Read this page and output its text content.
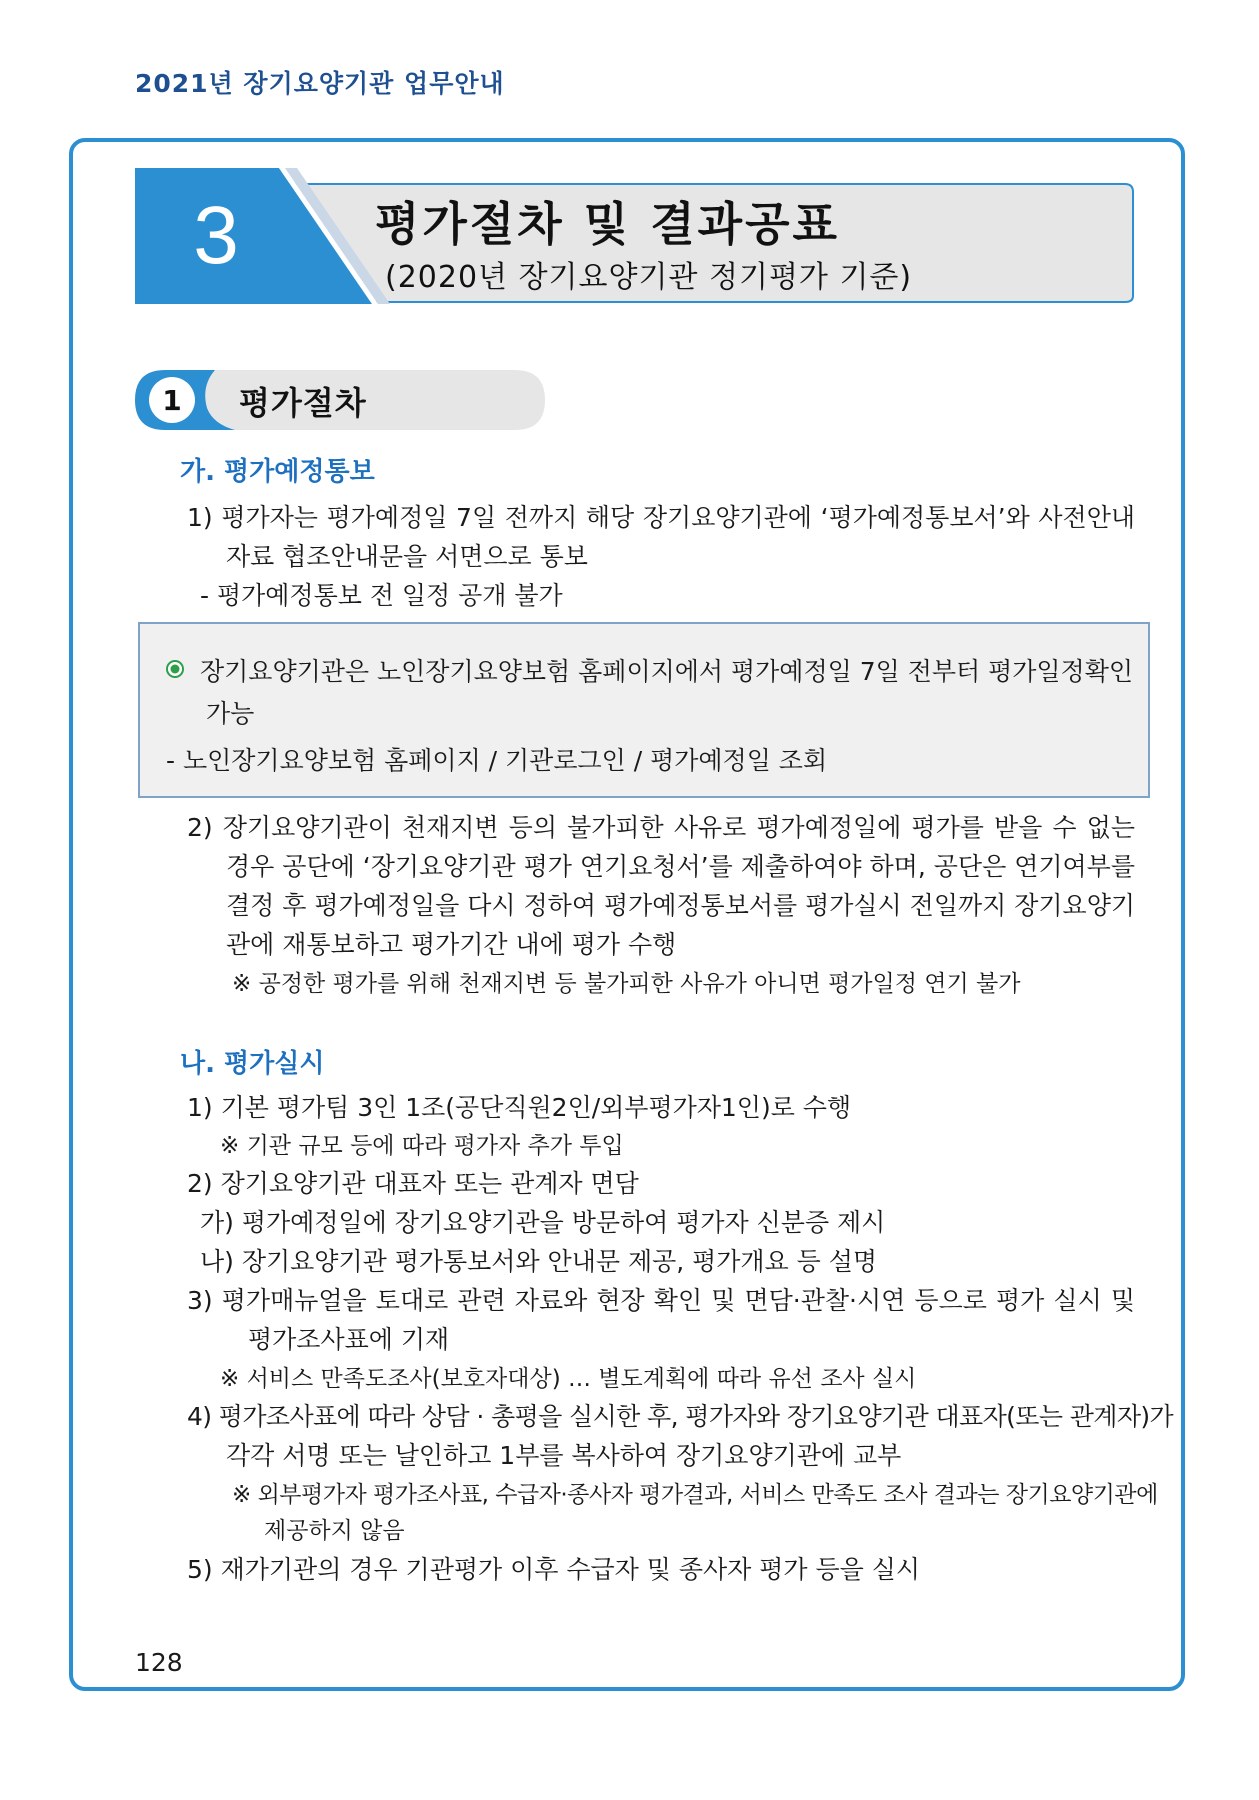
2021년 장기요양기관 업무안내
3	평가절차 및 결과공표
(2020년 장기요양기관 정기평가 기준)
1	평가절차
가. 평가예정통보
1) 평가자는 평가예정일 7일 전까지 해당 장기요양기관에 ‘평가예정통보서’와 사전안내
자료 협조안내문을 서면으로 통보
- 평가예정통보 전 일정 공개 불가
장기요양기관은 노인장기요양보험 홈페이지에서 평가예정일 7일 전부터 평가일정확인
가능
- 노인장기요양보험 홈페이지 / 기관로그인 / 평가예정일 조회
2) 장기요양기관이 천재지변 등의 불가피한 사유로 평가예정일에 평가를 받을 수 없는
경우 공단에 ‘장기요양기관 평가 연기요청서’를 제출하여야 하며, 공단은 연기여부를
결정 후 평가예정일을 다시 정하여 평가예정통보서를 평가실시 전일까지 장기요양기
관에 재통보하고 평가기간 내에 평가 수행
※ 공정한 평가를 위해 천재지변 등 불가피한 사유가 아니면 평가일정 연기 불가
나. 평가실시
1) 기본 평가팀 3인 1조(공단직원2인/외부평가자1인)로 수행
※ 기관 규모 등에 따라 평가자 추가 투입
2) 장기요양기관 대표자 또는 관계자 면담
가) 평가예정일에 장기요양기관을 방문하여 평가자 신분증 제시
나) 장기요양기관 평가통보서와 안내문 제공, 평가개요 등 설명
3) 평가매뉴얼을 토대로 관련 자료와 현장 확인 및 면담·관찰·시연 등으로 평가 실시 및
평가조사표에 기재
※ 서비스 만족도조사(보호자대상) … 별도계획에 따라 유선 조사 실시
4) 평가조사표에 따라 상담 · 총평을 실시한 후, 평가자와 장기요양기관 대표자(또는 관계자)가
각각 서명 또는 날인하고 1부를 복사하여 장기요양기관에 교부
※ 외부평가자 평가조사표, 수급자·종사자 평가결과, 서비스 만족도 조사 결과는 장기요양기관에
제공하지 않음
5) 재가기관의 경우 기관평가 이후 수급자 및 종사자 평가 등을 실시
128
